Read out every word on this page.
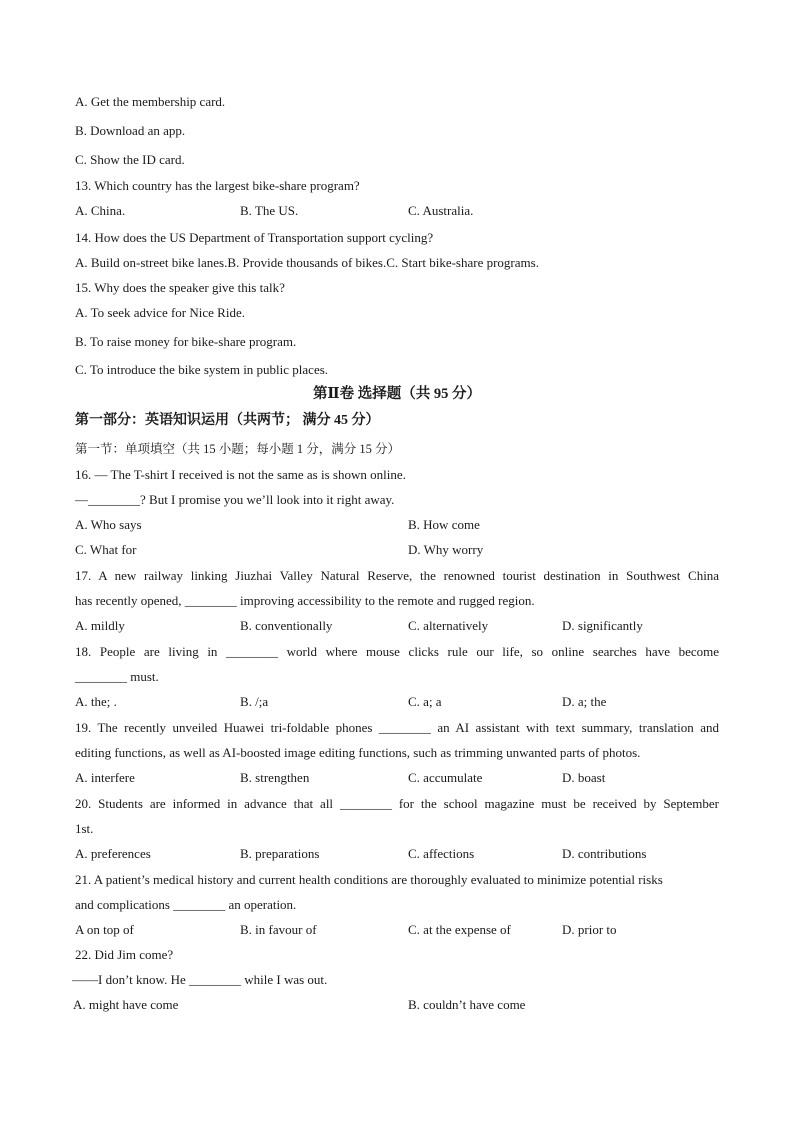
A. Get the membership card.
B. Download an app.
C. Show the ID card.
13. Which country has the largest bike-share program?
A. China.	B. The US.	C. Australia.
14. How does the US Department of Transportation support cycling?
A. Build on-street bike lanes.B. Provide thousands of bikes.C. Start bike-share programs.
15. Why does the speaker give this talk?
A. To seek advice for Nice Ride.
B. To raise money for bike-share program.
C. To introduce the bike system in public places.
第Ⅱ卷 选择题（共 95 分）
第一部分：英语知识运用（共两节； 满分 45 分）
第一节：单项填空（共 15 小题；每小题 1 分，满分 15 分）
16. — The T-shirt I received is not the same as is shown online.
—________? But I promise you we’ll look into it right away.
A. Who says	B. How come
C. What for	D. Why worry
17. A new railway linking Jiuzhai Valley Natural Reserve, the renowned tourist destination in Southwest China
has recently opened, ________ improving accessibility to the remote and rugged region.
A. mildly	B. conventionally	C. alternatively	D. significantly
18. People are living in ________ world where mouse clicks rule our life, so online searches have become
________ must.
A. the; .	B. /;a	C. a; a	D. a; the
19. The recently unveiled Huawei tri-foldable phones ________ an AI assistant with text summary, translation and
editing functions, as well as AI-boosted image editing functions, such as trimming unwanted parts of photos.
A. interfere	B. strengthen	C. accumulate	D. boast
20. Students are informed in advance that all ________ for the school magazine must be received by September
1st.
A. preferences	B. preparations	C. affections	D. contributions
21. A patient’s medical history and current health conditions are thoroughly evaluated to minimize potential risks
and complications ________ an operation.
A on top of	B. in favour of	C. at the expense of	D. prior to
22. Did Jim come?
——I don’t know. He ________ while I was out.
A. might have come	B. couldn’t have come
